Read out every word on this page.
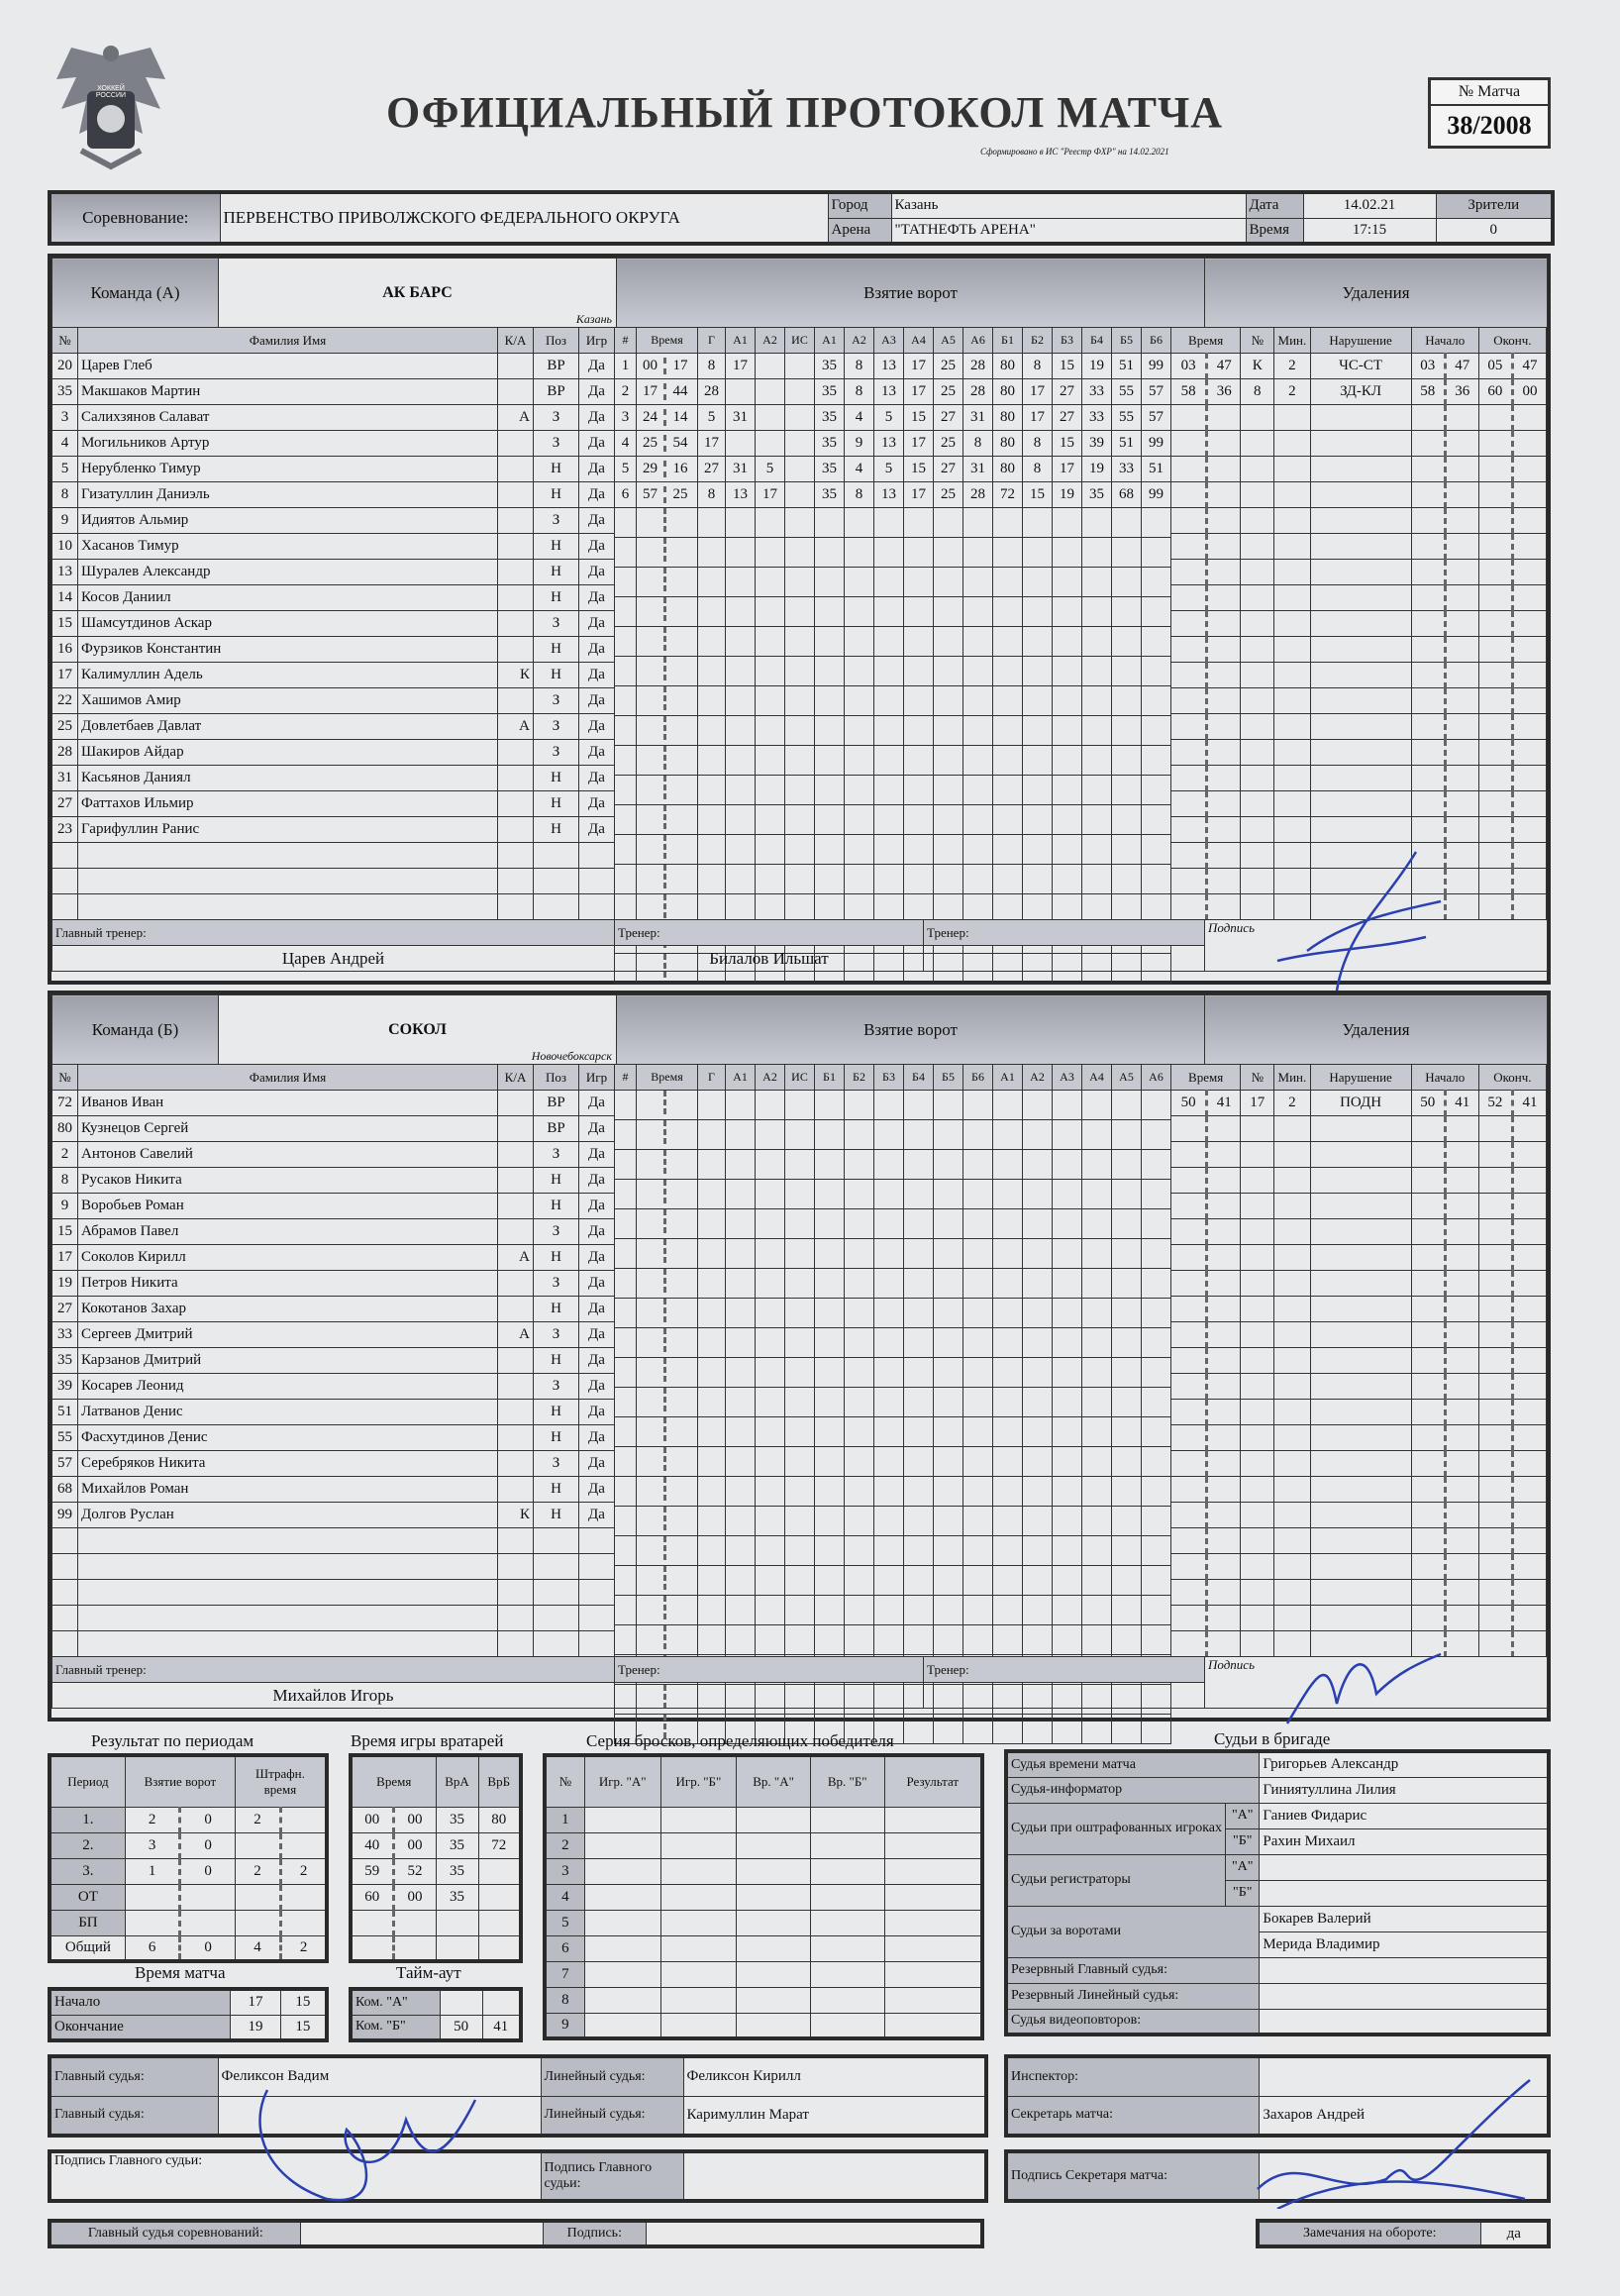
ХОККЕЙ РОССИИ	ОФИЦИАЛЬНЫЙ ПРОТОКОЛ МАТЧА
Сформировано в ИС "Реестр ФХР" на 14.02.2021
№ Матча
38/2008
Соревнование:	ПЕРВЕНСТВО ПРИВОЛЖСКОГО ФЕДЕРАЛЬНОГО ОКРУГА	Город	Казань	Дата	14.02.21	Зрители
		Арена	"ТАТНЕФТЬ АРЕНА"	Время	17:15	0
Команда (А)	АК БАРС
Казань
	Взятие ворот	Удаления
№	Фамилия Имя	К/А	Поз	Игр
20	Царев Глеб		ВР	Да
35	Макшаков Мартин		ВР	Да
3	Салихзянов Салават	А	З	Да
4	Могильников Артур		З	Да
5	Нерубленко Тимур		Н	Да
8	Гизатуллин Даниэль		Н	Да
9	Идиятов Альмир		З	Да
10	Хасанов Тимур		Н	Да
13	Шуралев Александр		Н	Да
14	Косов Даниил		Н	Да
15	Шамсутдинов Аскар		З	Да
16	Фурзиков Константин		Н	Да
17	Калимуллин Адель	К	Н	Да
22	Хашимов Амир		З	Да
25	Довлетбаев Давлат	А	З	Да
28	Шакиров Айдар		З	Да
31	Касьянов Даниял		Н	Да
27	Фаттахов Ильмир		Н	Да
23	Гарифуллин Ранис		Н	Да

#	Время	Г	А1	А2	ИС	А1	А2	А3	А4	А5	А6	Б1	Б2	Б3	Б4	Б5	Б6
1	00 17	8	17			35	8	13	17	25	28	80	8	15	19	51	99
2	17 44	28				35	8	13	17	25	28	80	17	27	33	55	57
3	24 14	5	31			35	4	5	15	27	31	80	17	27	33	55	57
4	25 54	17				35	9	13	17	25	8	80	8	15	39	51	99
5	29 16	27	31	5		35	4	5	15	27	31	80	8	17	19	33	51
6	57 25	8	13	17		35	8	13	17	25	28	72	15	19	35	68	99

Время		№	Мин.	Нарушение	Начало		Оконч.	
03	47	К	2	ЧС-СТ	03	47	05	47
58	36	8	2	ЗД-КЛ	58	36	60	00

Главный тренер:	Тренер:	Тренер:	Подпись
Царев Андрей	Билалов Ильшат		
Команда (Б)	СОКОЛ
Новочебоксарск
	Взятие ворот	Удаления
№	Фамилия Имя	К/А	Поз	Игр
72	Иванов Иван		ВР	Да
80	Кузнецов Сергей		ВР	Да
2	Антонов Савелий		З	Да
8	Русаков Никита		Н	Да
9	Воробьев Роман		Н	Да
15	Абрамов Павел		З	Да
17	Соколов Кирилл	А	Н	Да
19	Петров Никита		З	Да
27	Кокотанов Захар		Н	Да
33	Сергеев Дмитрий	А	З	Да
35	Карзанов Дмитрий		Н	Да
39	Косарев Леонид		З	Да
51	Латванов Денис		Н	Да
55	Фасхутдинов Денис		Н	Да
57	Серебряков Никита		З	Да
68	Михайлов Роман		Н	Да
99	Долгов Руслан	К	Н	Да

#	Время	Г	А1	А2	ИС	Б1	Б2	Б3	Б4	Б5	Б6	А1	А2	А3	А4	А5	А6

																	Время		№	Мин.	Нарушение	Начало		Оконч.	
50	41	17	2	ПОДН	50	41	52	41

Главный тренер:	Тренер:	Тренер:	Подпись
Михайлов Игорь			
Результат по периодам
Период	Взятие ворот		Штрафн. время	
1.	2	0	2	
2.	3	0		
3.	1	0	2	2
ОТ				
БП				
Общий	6	0	4	2
Время игры вратарей
Время		ВрА	ВрБ
00	00	35	80
40	00	35	72
59	52	35	
60	00	35	

Время матча
Начало	17	15
Окончание	19	15
Тайм-аут
Ком. "А"		
Ком. "Б"	50	41
Серия бросков, определяющих победителя
№	Игр. "А"	Игр. "Б"	Вр. "А"	Вр. "Б"	Результат
1					
2					
3					
4					
5					
6					
7					
8					
9					
Судьи в бригаде
Судья времени матча		Григорьев Александр
Судья-информатор		Гиниятуллина Лилия
Судьи при оштрафованных игроках	"А"	Ганиев Фидарис
	"Б"	Рахин Михаил
Судьи регистраторы	"А"	
	"Б"	
Судьи за воротами		Бокарев Валерий
		Мерида Владимир
Резервный Главный судья:		
Резервный Линейный судья:		
Судья видеоповторов:		
Главный судья:	Феликсон Вадим	Линейный судья:	Феликсон Кирилл
Главный судья:		Линейный судья:	Каримуллин Марат
Инспектор:	
Секретарь матча:	Захаров Андрей
Подпись Главного судьи:	Подпись Главного судьи:	
Подпись Секретаря матча:	
Главный судья соревнований:		Подпись:		Замечания на обороте:	да
